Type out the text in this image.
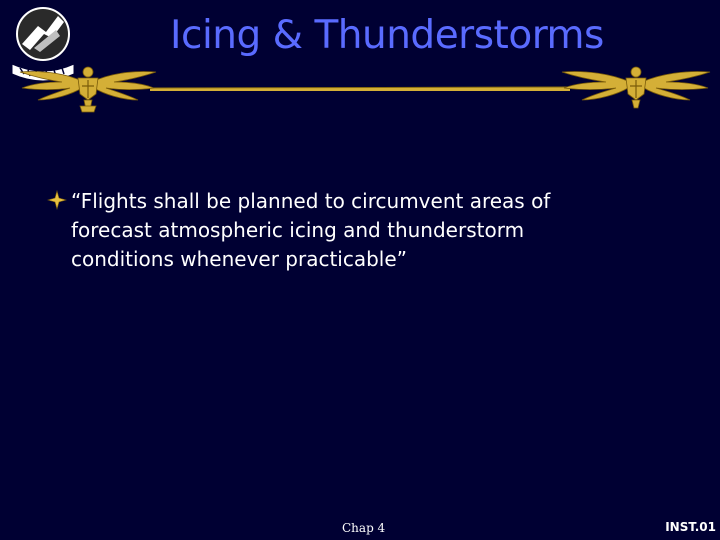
Icing & Thunderstorms

“Flights shall be planned to circumvent areas of forecast atmospheric icing and thunderstorm conditions whenever practicable”

Chap 4	INST.01
